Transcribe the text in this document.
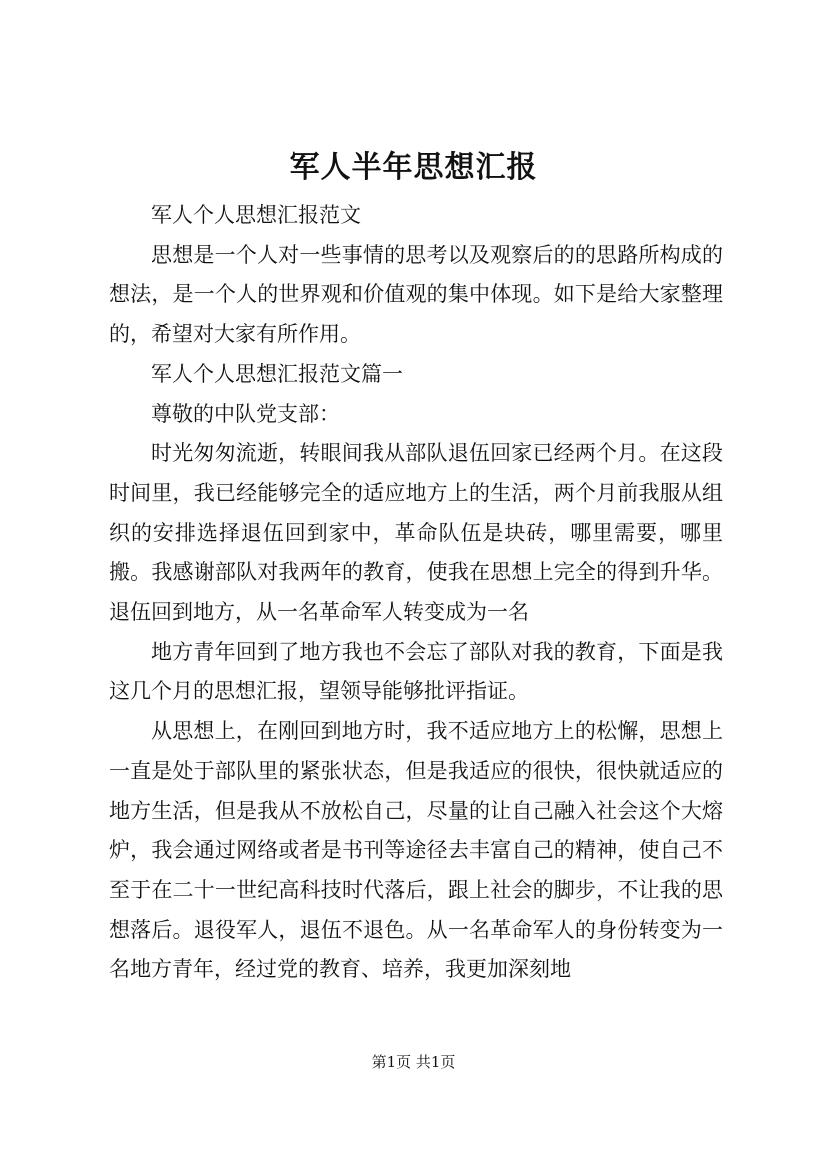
军人半年思想汇报

军人个人思想汇报范文

思想是一个人对一些事情的思考以及观察后的的思路所构成的想法，是一个人的世界观和价值观的集中体现。如下是给大家整理的，希望对大家有所作用。

军人个人思想汇报范文篇一

尊敬的中队党支部：

时光匆匆流逝，转眼间我从部队退伍回家已经两个月。在这段时间里，我已经能够完全的适应地方上的生活，两个月前我服从组织的安排选择退伍回到家中，革命队伍是块砖，哪里需要，哪里搬。我感谢部队对我两年的教育，使我在思想上完全的得到升华。退伍回到地方，从一名革命军人转变成为一名

地方青年回到了地方我也不会忘了部队对我的教育，下面是我这几个月的思想汇报，望领导能够批评指证。

从思想上，在刚回到地方时，我不适应地方上的松懈，思想上一直是处于部队里的紧张状态，但是我适应的很快，很快就适应的地方生活，但是我从不放松自己，尽量的让自己融入社会这个大熔炉，我会通过网络或者是书刊等途径去丰富自己的精神，使自己不至于在二十一世纪高科技时代落后，跟上社会的脚步，不让我的思想落后。退役军人，退伍不退色。从一名革命军人的身份转变为一名地方青年，经过党的教育、培养，我更加深刻地

第1页 共1页
